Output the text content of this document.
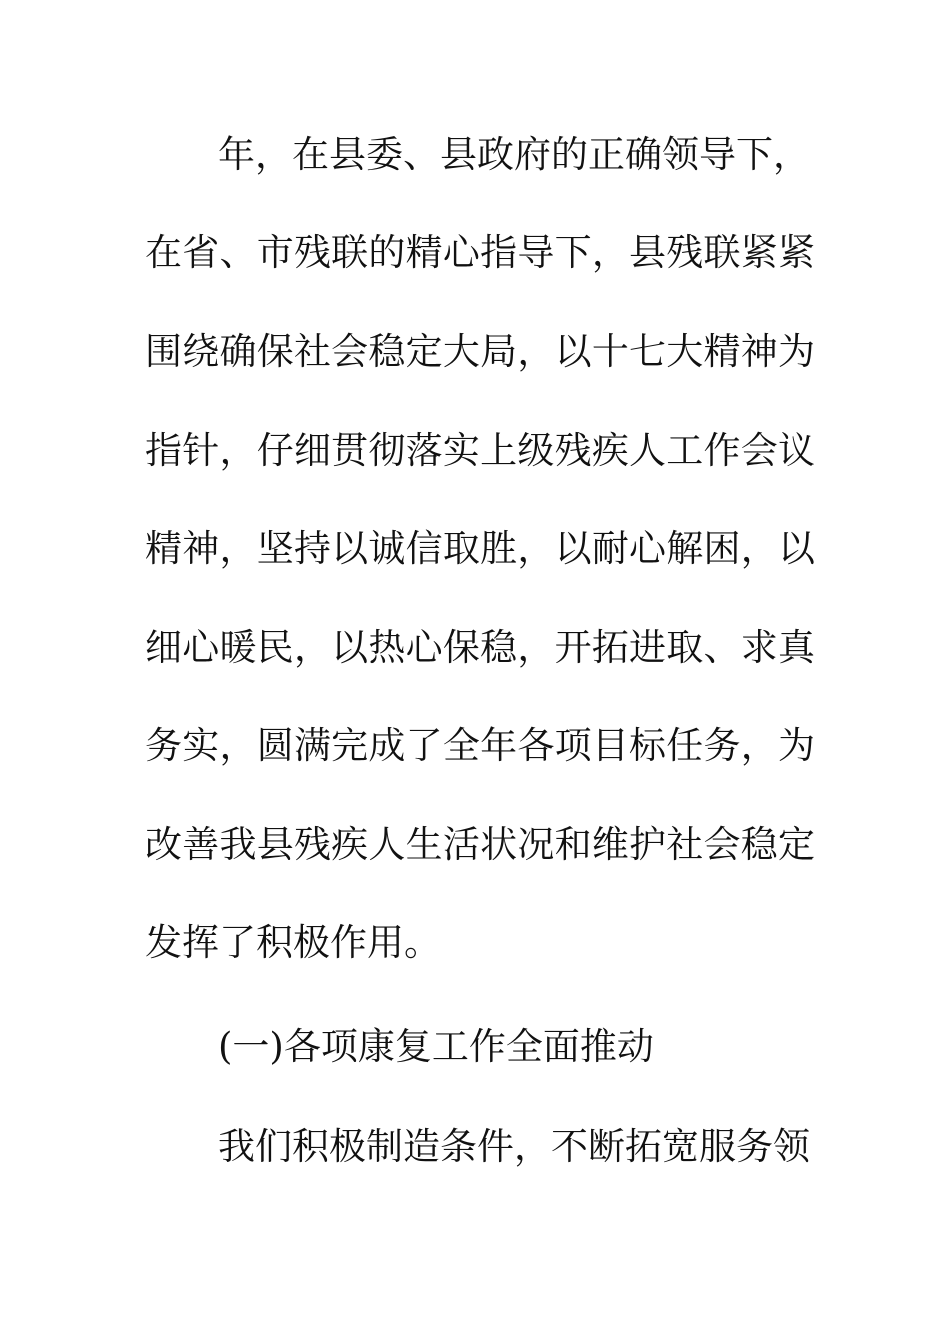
年，在县委、县政府的正确领导下，
在省、市残联的精心指导下，县残联紧紧
围绕确保社会稳定大局，以十七大精神为
指针，仔细贯彻落实上级残疾人工作会议
精神，坚持以诚信取胜，以耐心解困，以
细心暖民，以热心保稳，开拓进取、求真
务实，圆满完成了全年各项目标任务，为
改善我县残疾人生活状况和维护社会稳定
发挥了积极作用。
(一)各项康复工作全面推动
我们积极制造条件，不断拓宽服务领
